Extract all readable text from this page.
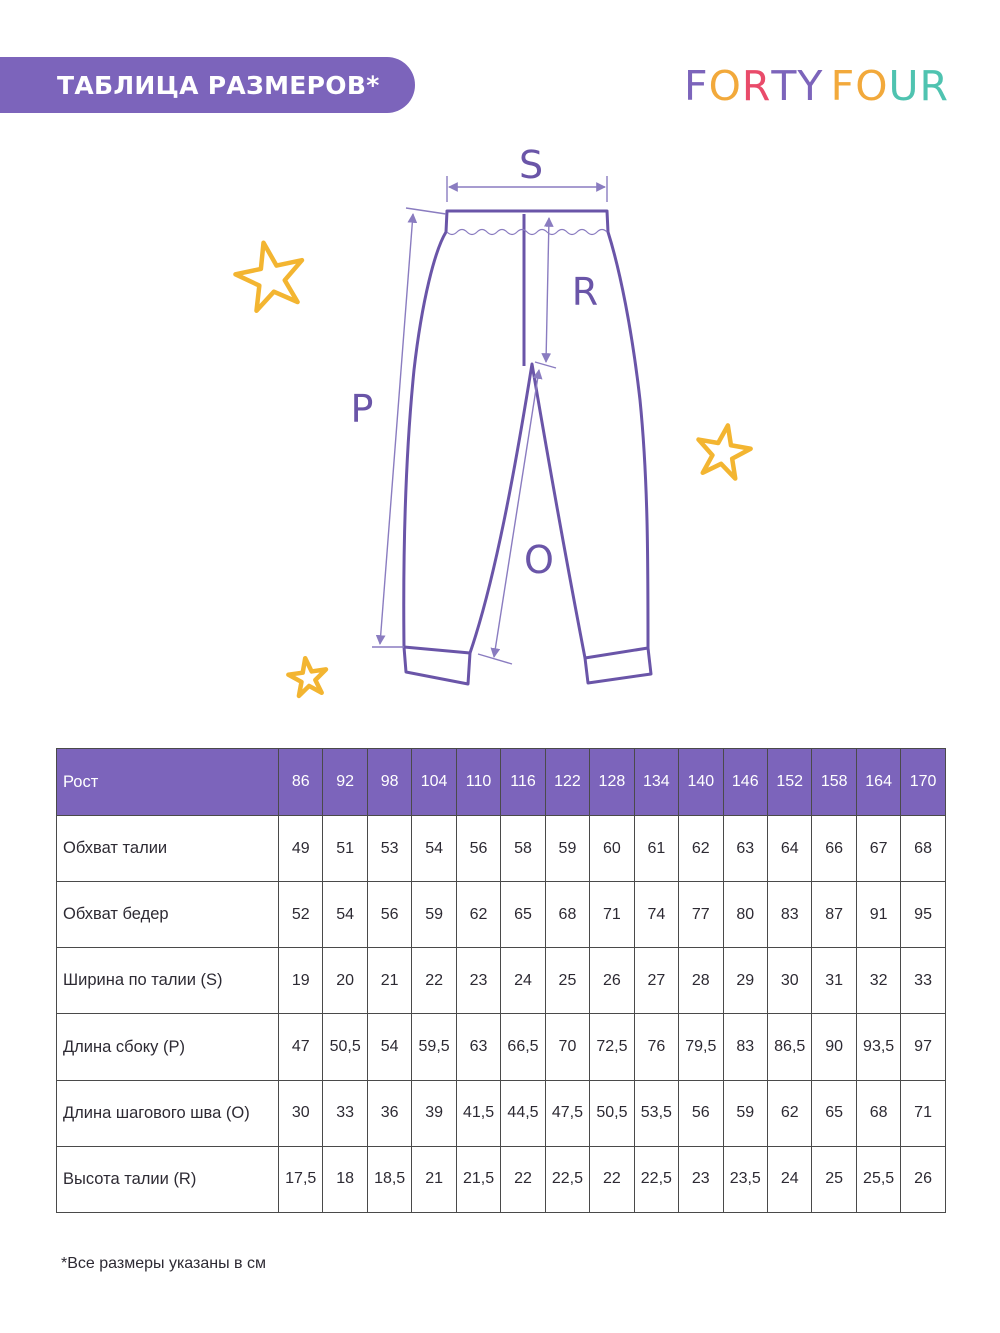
ТАБЛИЦА РАЗМЕРОВ*	F O R T Y F O U R
S
R
P
O
Рост	86	92	98	104	110	116	122	128	134	140	146	152	158	164	170
Обхват талии	49	51	53	54	56	58	59	60	61	62	63	64	66	67	68
Обхват бедер	52	54	56	59	62	65	68	71	74	77	80	83	87	91	95
Ширина по талии (S)	19	20	21	22	23	24	25	26	27	28	29	30	31	32	33
Длина сбоку (P)	47	50,5	54	59,5	63	66,5	70	72,5	76	79,5	83	86,5	90	93,5	97
Длина шагового шва (O)	30	33	36	39	41,5	44,5	47,5	50,5	53,5	56	59	62	65	68	71
Высота талии (R)	17,5	18	18,5	21	21,5	22	22,5	22	22,5	23	23,5	24	25	25,5	26
*Все размеры указаны в см
